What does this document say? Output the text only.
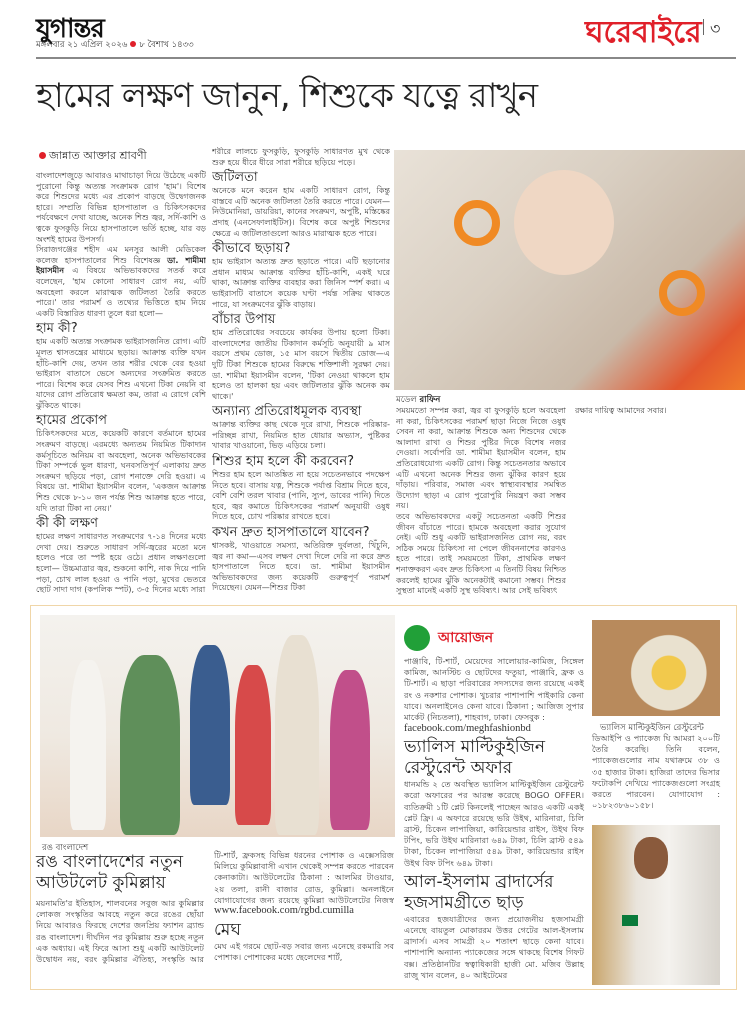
যুগান্তর
মঙ্গলবার ২১ এপ্রিল ২০২৬ ৮ বৈশাখ ১৪৩৩	ঘরেবাইরে ৩
হামের লক্ষণ জানুন, শিশুকে যত্নে রাখুন
জান্নাত আক্তার শ্রাবণী

বাংলাদেশজুড়ে আবারও মাথাচাড়া দিয়ে উঠেছে একটি পুরোনো কিন্তু অত্যন্ত সংক্রামক রোগ 'হাম'। বিশেষ করে শিশুদের মধ্যে এর প্রকোপ বাড়ছে উদ্বেগজনক হারে। সম্প্রতি বিভিন্ন হাসপাতাল ও চিকিৎসকদের পর্যবেক্ষণে দেখা যাচ্ছে, অনেক শিশু জ্বর, সর্দি-কাশি ও ত্বকে ফুসকুড়ি নিয়ে হাসপাতালে ভর্তি হচ্ছে, যার বড় অংশই হামের উপসর্গ।

সিরাজগঞ্জের শহীদ এম মনসুর আলী মেডিকেল কলেজ হাসপাতালের শিশু বিশেষজ্ঞ ডা. শামীমা ইয়াসমীন এ বিষয়ে অভিভাবকদের সতর্ক করে বলেছেন, 'হাম কোনো সাধারণ রোগ নয়, এটি অবহেলা করলে মারাত্মক জটিলতা তৈরি করতে পারে।' তার পরামর্শ ও তথ্যের ভিত্তিতে হাম নিয়ে একটি বিস্তারিত ধারণা তুলে ধরা হলো—

হাম কী?

হাম একটি অত্যন্ত সংক্রামক ভাইরাসজনিত রোগ। এটি মূলত শ্বাসতন্ত্রের মাধ্যমে ছড়ায়। আক্রান্ত ব্যক্তি যখন হাঁচি-কাশি দেয়, তখন তার শরীর থেকে বের হওয়া ভাইরাস বাতাসে ভেসে অন্যদের সংক্রমিত করতে পারে। বিশেষ করে যেসব শিশু এখনো টিকা নেয়নি বা যাদের রোগ প্রতিরোধ ক্ষমতা কম, তারা এ রোগে বেশি ঝুঁকিতে থাকে।

হামের প্রকোপ

চিকিৎসকদের মতে, কয়েকটি কারণে বর্তমানে হামের সংক্রমণ বাড়ছে। এরমধ্যে অন্যতম নিয়মিত টিকাদান কর্মসূচিতে অনিয়ম বা অবহেলা, অনেক অভিভাবকের টিকা সম্পর্কে ভুল ধারণা, ঘনবসতিপূর্ণ এলাকায় দ্রুত সংক্রমণ ছড়িয়ে পড়া, রোগ শনাক্তে দেরি হওয়া। এ বিষয়ে ডা. শামীমা ইয়াসমীন বলেন, 'একজন আক্রান্ত শিশু থেকে ৮-১০ জন পর্যন্ত শিশু আক্রান্ত হতে পারে, যদি তারা টিকা না নেয়।'

কী কী লক্ষণ

হামের লক্ষণ সাধারণত সংক্রমণের ৭-১৪ দিনের মধ্যে দেখা দেয়। শুরুতে সাধারণ সর্দি-জ্বরের মতো মনে হলেও পরে তা স্পষ্ট হয়ে ওঠে। প্রধান লক্ষণগুলো হলো— উচ্চমাত্রার জ্বর, শুকনো কাশি, নাক দিয়ে পানি পড়া, চোখ লাল হওয়া ও পানি পড়া, মুখের ভেতরে ছোট সাদা দাগ (কপলিক স্পট), ৩-৫ দিনের মধ্যে সারা

শরীরে লালচে ফুসকুড়ি, ফুসকুড়ি সাধারণত মুখ থেকে শুরু হয়ে ধীরে ধীরে সারা শরীরে ছড়িয়ে পড়ে।

জটিলতা

অনেকে মনে করেন হাম একটি সাধারণ রোগ, কিন্তু বাস্তবে এটি অনেক জটিলতা তৈরি করতে পারে। যেমন—নিউমোনিয়া, ডায়রিয়া, কানের সংক্রমণ, অপুষ্টি, মস্তিষ্কের প্রদাহ (এনসেফালাইটিস)। বিশেষ করে অপুষ্ট শিশুদের ক্ষেত্রে এ জটিলতাগুলো আরও মারাত্মক হতে পারে।

কীভাবে ছড়ায়?

হাম ভাইরাস অত্যন্ত দ্রুত ছড়াতে পারে। এটি ছড়ানোর প্রধান মাধ্যম আক্রান্ত ব্যক্তির হাঁচি-কাশি, একই ঘরে থাকা, আক্রান্ত ব্যক্তির ব্যবহার করা জিনিস স্পর্শ করা। এ ভাইরাসটি বাতাসে কয়েক ঘণ্টা পর্যন্ত সক্রিয় থাকতে পারে, যা সংক্রমণের ঝুঁকি বাড়ায়।

বাঁচার উপায়

হাম প্রতিরোধের সবচেয়ে কার্যকর উপায় হলো টিকা। বাংলাদেশের জাতীয় টিকাদান কর্মসূচি অনুযায়ী ৯ মাস বয়সে প্রথম ডোজ, ১৫ মাস বয়সে দ্বিতীয় ডোজ—এ দুটি টিকা শিশুকে হামের বিরুদ্ধে শক্তিশালী সুরক্ষা দেয়। ডা. শামীমা ইয়াসমীন বলেন, 'টিকা নেওয়া থাকলে হাম হলেও তা হালকা হয় এবং জটিলতার ঝুঁকি অনেক কম থাকে।'

অন্যান্য প্রতিরোধমূলক ব্যবস্থা

আক্রান্ত ব্যক্তির কাছ থেকে দূরে রাখা, শিশুকে পরিষ্কার-পরিচ্ছন্ন রাখা, নিয়মিত হাত ধোয়ার অভ্যাস, পুষ্টিকর খাবার খাওয়ানো, ভিড় এড়িয়ে চলা।

শিশুর হাম হলে কী করবেন?

শিশুর হাম হলে আতঙ্কিত না হয়ে সচেতনভাবে পদক্ষেপ নিতে হবে। বাসায় যত্ন, শিশুকে পর্যাপ্ত বিশ্রাম দিতে হবে, বেশি বেশি তরল খাবার (পানি, স্যুপ, ডাবের পানি) দিতে হবে, জ্বর কমাতে চিকিৎসকের পরামর্শ অনুযায়ী ওষুধ দিতে হবে, চোখ পরিষ্কার রাখতে হবে।

কখন দ্রুত হাসপাতালে যাবেন?

শ্বাসকষ্ট, খাওয়াতে সমস্যা, অতিরিক্ত দুর্বলতা, খিঁচুনি, জ্বর না কমা—এসব লক্ষণ দেখা দিলে দেরি না করে দ্রুত হাসপাতালে নিতে হবে। ডা. শামীমা ইয়াসমীন অভিভাবকদের জন্য কয়েকটি গুরুত্বপূর্ণ পরামর্শ দিয়েছেন। যেমন—শিশুর টিকা

সময়মতো সম্পন্ন করা, জ্বর বা ফুসকুড়ি হলে অবহেলা না করা, চিকিৎসকের পরামর্শ ছাড়া নিজে নিজে ওষুধ সেবন না করা, আক্রান্ত শিশুকে অন্য শিশুদের থেকে আলাদা রাখা ও শিশুর পুষ্টির দিকে বিশেষ নজর দেওয়া। সর্বোপরি ডা. শামীমা ইয়াসমীন বলেন, হাম প্রতিরোধযোগ্য একটি রোগ। কিন্তু সচেতনতার অভাবে এটি এখনো অনেক শিশুর জন্য ঝুঁকির কারণ হয়ে দাঁড়ায়। পরিবার, সমাজ এবং স্বাস্থ্যব্যবস্থার সমন্বিত উদ্যোগ ছাড়া এ রোগ পুরোপুরি নিয়ন্ত্রণ করা সম্ভব নয়।

তবে অভিভাবকদের একটু সচেতনতা একটি শিশুর জীবন বাঁচাতে পারে। হামকে অবহেলা করার সুযোগ নেই। এটি শুধু একটি ভাইরাসজনিত রোগ নয়, বরং সঠিক সময়ে চিকিৎসা না পেলে জীবননাশের কারণও হতে পারে। তাই সময়মতো টিকা, প্রাথমিক লক্ষণ শনাক্তকরণ এবং দ্রুত চিকিৎসা এ তিনটি বিষয় নিশ্চিত করলেই হামের ঝুঁকি অনেকটাই কমানো সম্ভব। শিশুর সুস্থতা মানেই একটি সুস্থ ভবিষ্যৎ। আর সেই ভবিষ্যৎ

রক্ষার দায়িত্ব আমাদের সবার।

মডেল রাফিন
রঙ বাংলাদেশ
রঙ বাংলাদেশের নতুন আউটলেট কুমিল্লায়

ময়নামতি'র ইতিহাস, শালবনের সবুজ আর কুমিল্লার লোকজ সংস্কৃতির আবহে নতুন করে রঙের ছোঁয়া নিয়ে আবারও ফিরছে দেশের জনপ্রিয় ফ্যাশন ব্র্যান্ড রঙ বাংলাদেশ। দীর্ঘদিন পর কুমিল্লায় শুরু হচ্ছে নতুন এক অধ্যায়। এই ফিরে আসা শুধু একটি আউটলেট উদ্বোধন নয়, বরং কুমিল্লার ঐতিহ্য, সংস্কৃতি আর

টি-শার্ট, ফ্রকসহ বিভিন্ন ধরনের পোশাক ও এক্সেসরিজ মিলিয়ে কুমিল্লাবাসী এখান থেকেই সম্পন্ন করতে পারবেন কেনাকাটা। আউটলেটের ঠিকানা : আলমির টাওয়ার, ২য় তলা, রানী বাজার রোড, কুমিল্লা। অনলাইনে যোগাযোগের জন্য রয়েছে কুমিল্লা আউটলেটের নিজস্ব

www.facebook.com/rgbd.cumilla
মেঘ

মেঘ এই গরমে ছোট-বড় সবার জন্য এনেছে রকমারি সব পোশাক। পোশাকের মধ্যে ছেলেদের শার্ট,

আয়োজন

পাঞ্জাবি, টি-শার্ট, মেয়েদের সালোয়ার-কামিজ, সিঙ্গেল কামিজ, আনস্টিচ ও ছোটদের ফতুয়া, পাঞ্জাবি, ফ্রক ও টি-শার্ট। এ ছাড়া পরিবারের সদস্যদের জন্য রয়েছে একই রং ও নকশার পোশাক। খুচরার পাশাপাশি পাইকারি কেনা যাবে। অনলাইনেও কেনা যাবে। ঠিকানা ; আজিজ সুপার মার্কেট (নিচতলা), শাহবাগ, ঢাকা। ফেসবুক :

facebook.com/meghfashionbd
ভ্যালিস মাল্টিকুইজিন রেস্টুরেন্ট অফার

ধানমন্ডি ২ তে অবস্থিত ভ্যালিস মাল্টিকুইজিন রেস্টুরেন্ট করো অফারের পর আরম্ভ করেছে BOGO OFFER। ব্যতিক্রমী ১টি প্লেট কিনলেই পাচ্ছেন আরও একটি একই প্লেট ফ্রি। এ অফারে রয়েছে ভরি উইথ, মারিনারা, চিলি ব্রাস্ট, চিকেন লাপাজিয়া, কারিয়েন্ডার রাইস, উইথ বিফ টপিং, ভরি উইথ মারিনারা ৬৪৯ টাকা, চিলি ব্রাস্ট ৫৪৯ টাকা, চিকেন লাপাজিয়া ৫৪৯ টাকা, কারিয়েন্ডার রাইস উইথ বিফ টপিং ৬৪৯ টাকা।

আল-ইসলাম ব্রাদার্সের হজসামগ্রীতে ছাড়

এবারের হজযাত্রীদের জন্য প্রয়োজনীয় হজসামগ্রী এনেছে বায়তুল মোকাররম উত্তর গেটের আল-ইসলাম ব্রাদার্স। এসব সামগ্রী ২০ শতাংশ ছাড়ে কেনা যাবে। পাশাপাশি অন্যান্য প্যাকেজের সঙ্গে থাকছে বিশেষ গিফট বক্স। প্রতিষ্ঠানটির স্বত্বাধিকারী হাজী মো. মজিব উল্লাহ রাজু খান বলেন, ৪০ আইটেমের

ভ্যালিস মাল্টিকুইজিন রেস্টুরেন্ট

ডিআইপি ও প্যাকেজ ঘি আমরা ২০০টি তৈরি করেছি। তিনি বলেন, প্যাকেজগুলোর নাম যথাক্রমে ৩৮ ও ৩৫ হাজার টাকা। হাজিরা তাদের ভিসার ফটোকপি দেখিয়ে প্যাকেজগুলো সংগ্রহ করতে পারবেন। যোগাযোগ : ০১৮২৩৮৬০১৫৮।
